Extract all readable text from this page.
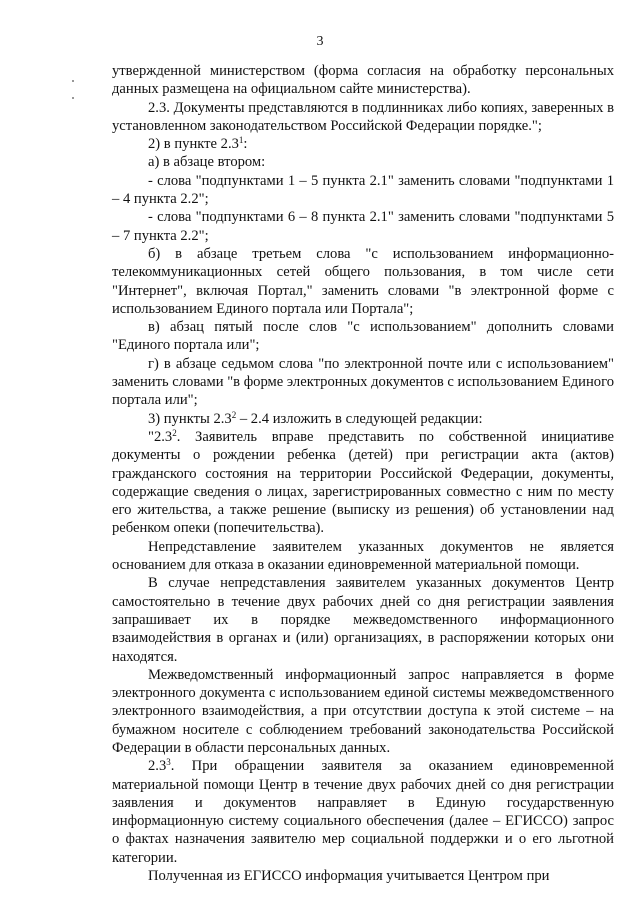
3

утвержденной министерством (форма согласия на обработку персональных данных размещена на официальном сайте министерства).

2.3. Документы представляются в подлинниках либо копиях, заверенных в установленном законодательством Российской Федерации порядке.";

2) в пункте $2.3^1$:

а) в абзаце втором:

- слова "подпунктами 1 – 5 пункта 2.1" заменить словами "подпунктами 1 – 4 пункта 2.2";

- слова "подпунктами 6 – 8 пункта 2.1" заменить словами "подпунктами 5 – 7 пункта 2.2";

б) в абзаце третьем слова "с использованием информационно-телекоммуникационных сетей общего пользования, в том числе сети "Интернет", включая Портал," заменить словами "в электронной форме с использованием Единого портала или Портала";

в) абзац пятый после слов "с использованием" дополнить словами "Единого портала или";

г) в абзаце седьмом слова "по электронной почте или с использованием" заменить словами "в форме электронных документов с использованием Единого портала или";

3) пункты $2.3^2 - 2.4$ изложить в следующей редакции:

"$2.3^2$. Заявитель вправе представить по собственной инициативе документы о рождении ребенка (детей) при регистрации акта (актов) гражданского состояния на территории Российской Федерации, документы, содержащие сведения о лицах, зарегистрированных совместно с ним по месту его жительства, а также решение (выписку из решения) об установлении над ребенком опеки (попечительства).

Непредставление заявителем указанных документов не является основанием для отказа в оказании единовременной материальной помощи.

В случае непредставления заявителем указанных документов Центр самостоятельно в течение двух рабочих дней со дня регистрации заявления запрашивает их в порядке межведомственного информационного взаимодействия в органах и (или) организациях, в распоряжении которых они находятся.

Межведомственный информационный запрос направляется в форме электронного документа с использованием единой системы межведомственного электронного взаимодействия, а при отсутствии доступа к этой системе – на бумажном носителе с соблюдением требований законодательства Российской Федерации в области персональных данных.

$2.3^3$. При обращении заявителя за оказанием единовременной материальной помощи Центр в течение двух рабочих дней со дня регистрации заявления и документов направляет в Единую государственную информационную систему социального обеспечения (далее – ЕГИССО) запрос о фактах назначения заявителю мер социальной поддержки и о его льготной категории.

Полученная из ЕГИССО информация учитывается Центром при
